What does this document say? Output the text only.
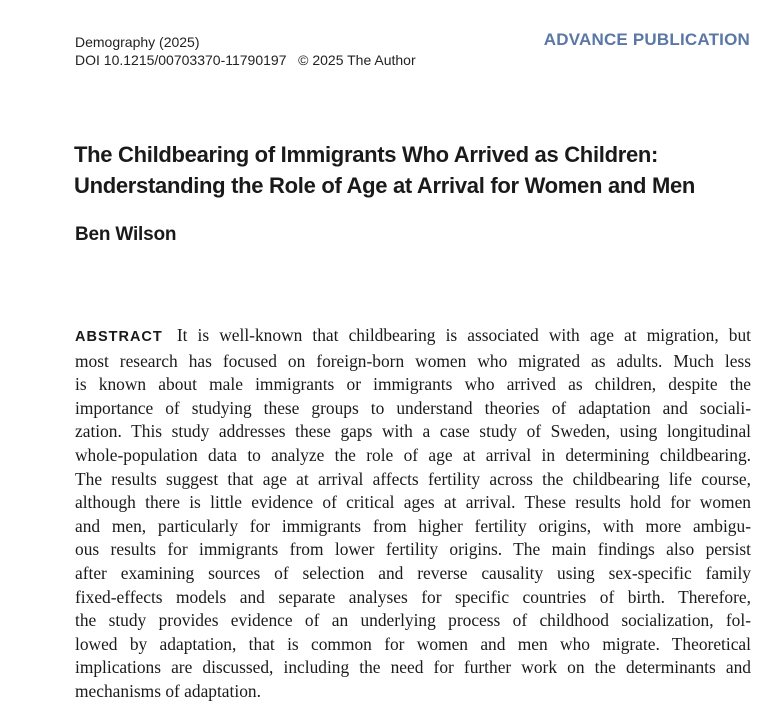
Demography (2025)
DOI 10.1215/00703370-11790197   © 2025 The Author
ADVANCE PUBLICATION
The Childbearing of Immigrants Who Arrived as Children:
Understanding the Role of Age at Arrival for Women and Men
Ben Wilson
ABSTRACT It is well-known that childbearing is associated with age at migration, but
most research has focused on foreign-born women who migrated as adults. Much less
is known about male immigrants or immigrants who arrived as children, despite the
importance of studying these groups to understand theories of adaptation and sociali-
zation. This study addresses these gaps with a case study of Sweden, using longitudinal
whole-population data to analyze the role of age at arrival in determining childbearing.
The results suggest that age at arrival affects fertility across the childbearing life course,
although there is little evidence of critical ages at arrival. These results hold for women
and men, particularly for immigrants from higher fertility origins, with more ambigu-
ous results for immigrants from lower fertility origins. The main findings also persist
after examining sources of selection and reverse causality using sex-specific family
fixed-effects models and separate analyses for specific countries of birth. Therefore,
the study provides evidence of an underlying process of childhood socialization, fol-
lowed by adaptation, that is common for women and men who migrate. Theoretical
implications are discussed, including the need for further work on the determinants and
mechanisms of adaptation.
